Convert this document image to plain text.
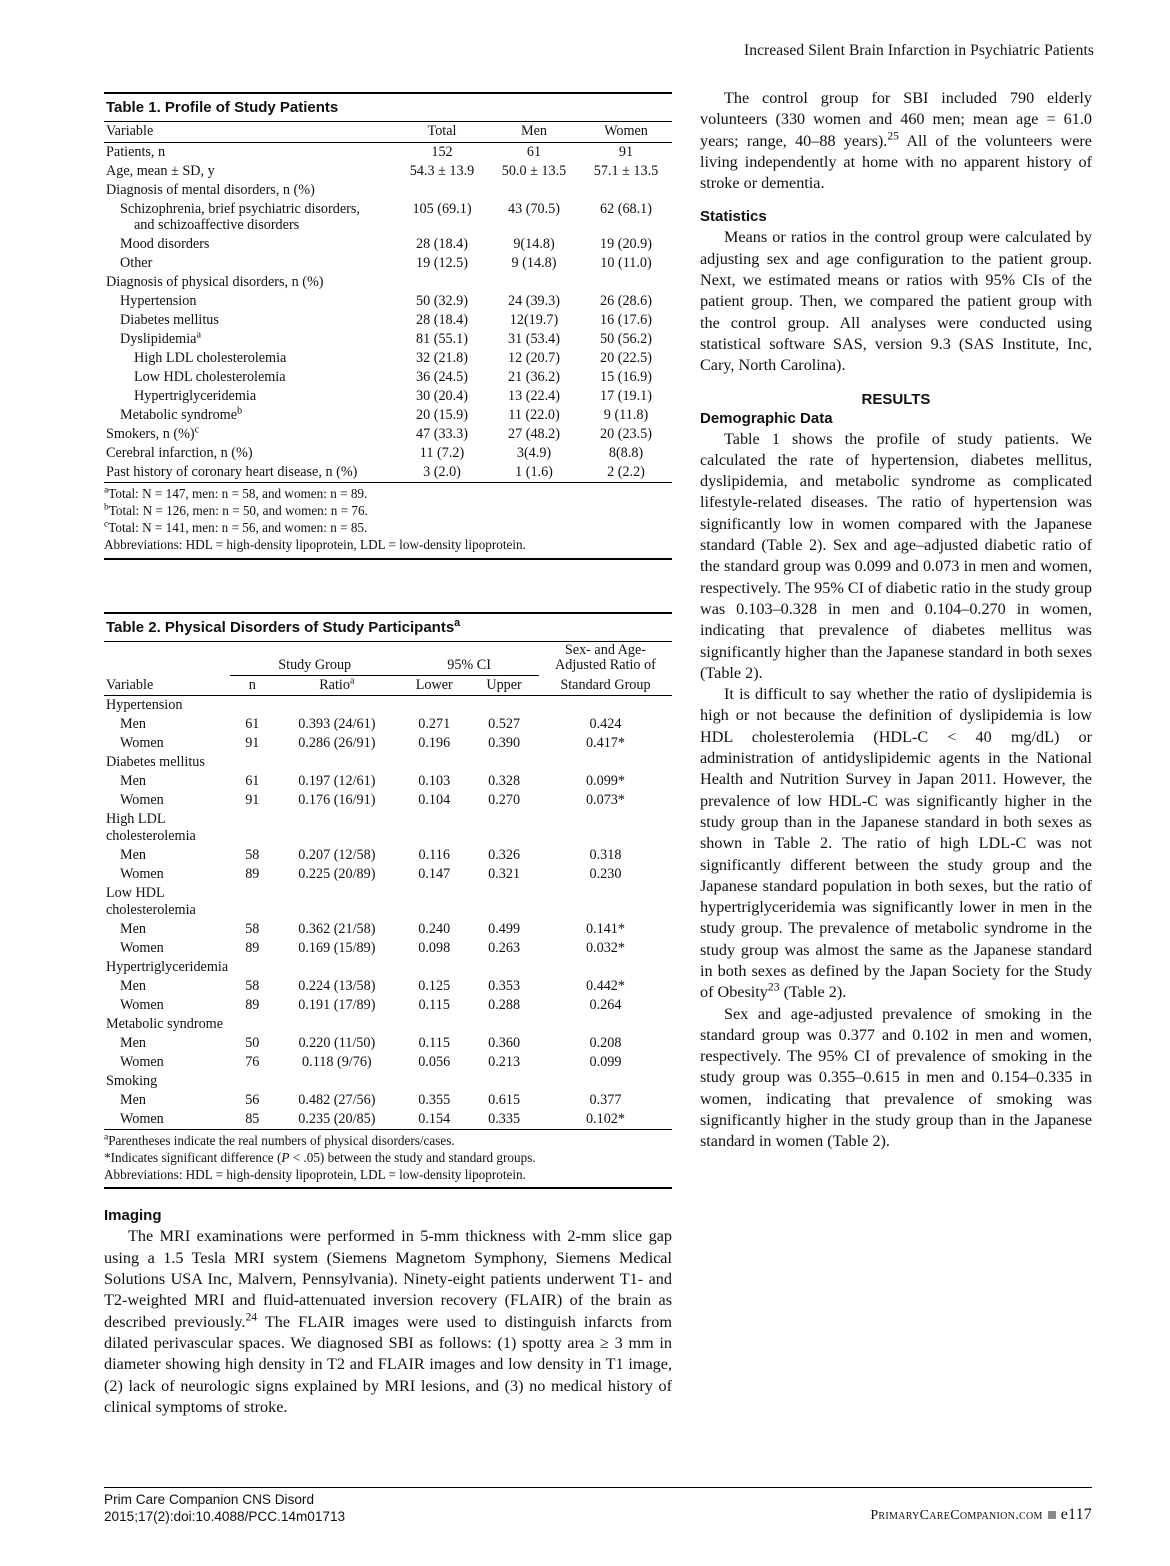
Increased Silent Brain Infarction in Psychiatric Patients
Table 1. Profile of Study Patients
Variable	Total	Men	Women
Patients, n	152	61	91
Age, mean ± SD, y	54.3 ± 13.9	50.0 ± 13.5	57.1 ± 13.5
Diagnosis of mental disorders, n (%)			
Schizophrenia, brief psychiatric disorders,
and schizoaffective disorders	105 (69.1)	43 (70.5)	62 (68.1)
Mood disorders	28 (18.4)	9(14.8)	19 (20.9)
Other	19 (12.5)	9 (14.8)	10 (11.0)
Diagnosis of physical disorders, n (%)			
Hypertension	50 (32.9)	24 (39.3)	26 (28.6)
Diabetes mellitus	28 (18.4)	12(19.7)	16 (17.6)
Dyslipidemia$^a$	81 (55.1)	31 (53.4)	50 (56.2)
High LDL cholesterolemia	32 (21.8)	12 (20.7)	20 (22.5)
Low HDL cholesterolemia	36 (24.5)	21 (36.2)	15 (16.9)
Hypertriglyceridemia	30 (20.4)	13 (22.4)	17 (19.1)
Metabolic syndrome$^b$	20 (15.9)	11 (22.0)	9 (11.8)
Smokers, n (%)$^c$	47 (33.3)	27 (48.2)	20 (23.5)
Cerebral infarction, n (%)	11 (7.2)	3(4.9)	8(8.8)
Past history of coronary heart disease, n (%)	3 (2.0)	1 (1.6)	2 (2.2)
$^a$Total: N = 147, men: n = 58, and women: n = 89.
$^b$Total: N = 126, men: n = 50, and women: n = 76.
$^c$Total: N = 141, men: n = 56, and women: n = 85.
Abbreviations: HDL = high-density lipoprotein, LDL = low-density lipoprotein.
Table 2. Physical Disorders of Study Participants$^a$
	Study Group		95% CI		Sex- and Age-
Adjusted Ratio of

Variable	n	Ratio$^a$	Lower	Upper	Standard Group
Hypertension					
Men	61	0.393 (24/61)	0.271	0.527	0.424
Women	91	0.286 (26/91)	0.196	0.390	0.417*
Diabetes mellitus					
Men	61	0.197 (12/61)	0.103	0.328	0.099*
Women	91	0.176 (16/91)	0.104	0.270	0.073*
High LDL cholesterolemia					
Men	58	0.207 (12/58)	0.116	0.326	0.318
Women	89	0.225 (20/89)	0.147	0.321	0.230
Low HDL cholesterolemia					
Men	58	0.362 (21/58)	0.240	0.499	0.141*
Women	89	0.169 (15/89)	0.098	0.263	0.032*
Hypertriglyceridemia					
Men	58	0.224 (13/58)	0.125	0.353	0.442*
Women	89	0.191 (17/89)	0.115	0.288	0.264
Metabolic syndrome					
Men	50	0.220 (11/50)	0.115	0.360	0.208
Women	76	0.118 (9/76)	0.056	0.213	0.099
Smoking					
Men	56	0.482 (27/56)	0.355	0.615	0.377
Women	85	0.235 (20/85)	0.154	0.335	0.102*
$^a$Parentheses indicate the real numbers of physical disorders/cases.
*Indicates significant difference (P < .05) between the study and standard groups.
Abbreviations: HDL = high-density lipoprotein, LDL = low-density lipoprotein.
Imaging

The MRI examinations were performed in 5-mm thickness with 2-mm slice gap using a 1.5 Tesla MRI system (Siemens Magnetom Symphony, Siemens Medical Solutions USA Inc, Malvern, Pennsylvania). Ninety-eight patients underwent T1- and T2-weighted MRI and fluid-attenuated inversion recovery (FLAIR) of the brain as described previously.$^{24}$ The FLAIR images were used to distinguish infarcts from dilated perivascular spaces. We diagnosed SBI as follows: (1) spotty area ≥ 3 mm in diameter showing high density in T2 and FLAIR images and low density in T1 image, (2) lack of neurologic signs explained by MRI lesions, and (3) no medical history of clinical symptoms of stroke.

The control group for SBI included 790 elderly volunteers (330 women and 460 men; mean age = 61.0 years; range, 40–88 years).$^{25}$ All of the volunteers were living independently at home with no apparent history of stroke or dementia.

Statistics

Means or ratios in the control group were calculated by adjusting sex and age configuration to the patient group. Next, we estimated means or ratios with 95% CIs of the patient group. Then, we compared the patient group with the control group. All analyses were conducted using statistical software SAS, version 9.3 (SAS Institute, Inc, Cary, North Carolina).

RESULTS
Demographic Data

Table 1 shows the profile of study patients. We calculated the rate of hypertension, diabetes mellitus, dyslipidemia, and metabolic syndrome as complicated lifestyle-related diseases. The ratio of hypertension was significantly low in women compared with the Japanese standard (Table 2). Sex and age–adjusted diabetic ratio of the standard group was 0.099 and 0.073 in men and women, respectively. The 95% CI of diabetic ratio in the study group was 0.103–0.328 in men and 0.104–0.270 in women, indicating that prevalence of diabetes mellitus was significantly higher than the Japanese standard in both sexes (Table 2).

It is difficult to say whether the ratio of dyslipidemia is high or not because the definition of dyslipidemia is low HDL cholesterolemia (HDL-C < 40 mg/dL) or administration of antidyslipidemic agents in the National Health and Nutrition Survey in Japan 2011. However, the prevalence of low HDL-C was significantly higher in the study group than in the Japanese standard in both sexes as shown in Table 2. The ratio of high LDL-C was not significantly different between the study group and the Japanese standard population in both sexes, but the ratio of hypertriglyceridemia was significantly lower in men in the study group. The prevalence of metabolic syndrome in the study group was almost the same as the Japanese standard in both sexes as defined by the Japan Society for the Study of Obesity$^{23}$ (Table 2).

Sex and age-adjusted prevalence of smoking in the standard group was 0.377 and 0.102 in men and women, respectively. The 95% CI of prevalence of smoking in the study group was 0.355–0.615 in men and 0.154–0.335 in women, indicating that prevalence of smoking was significantly higher in the study group than in the Japanese standard in women (Table 2).

Prim Care Companion CNS Disord
2015;17(2):doi:10.4088/PCC.14m01713	PrimaryCareCompanion.com e117
